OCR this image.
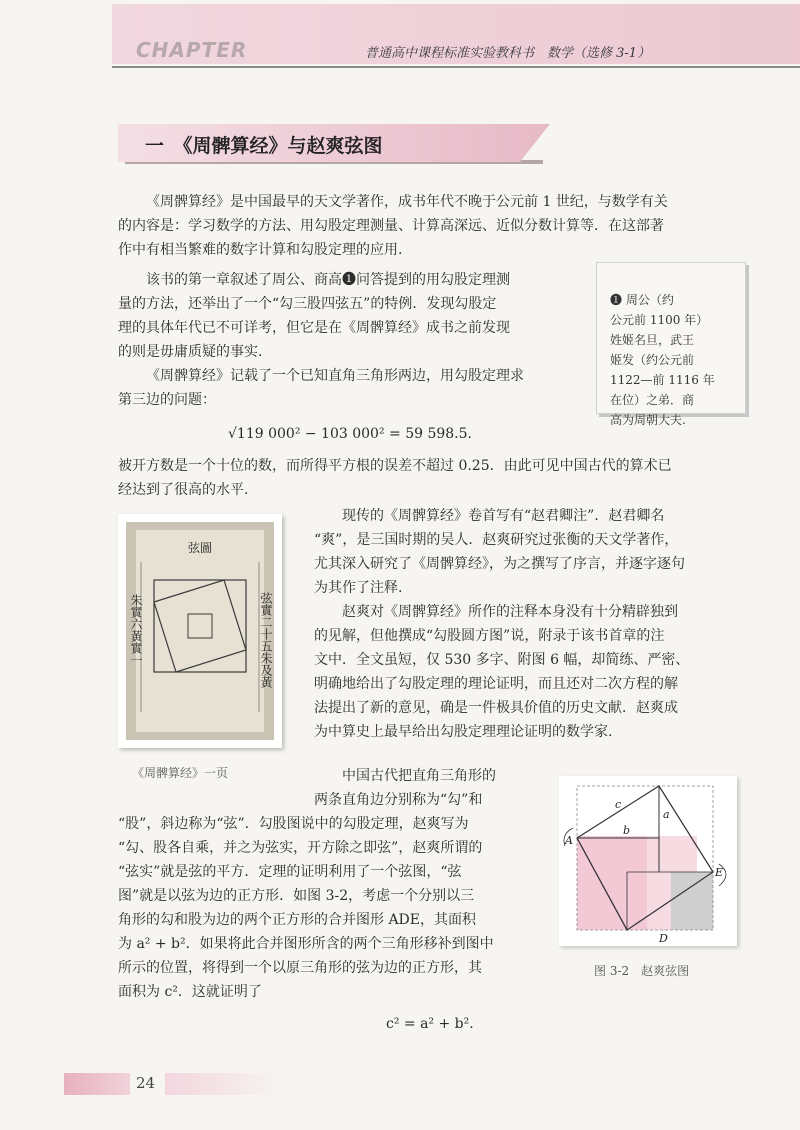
CHAPTER	普通高中课程标准实验教科书　数学（选修 3-1）
一　《周髀算经》与赵爽弦图
《周髀算经》是中国最早的天文学著作，成书年代不晚于公元前 1 世纪，与数学有关
的内容是：学习数学的方法、用勾股定理测量、计算高深远、近似分数计算等．在这部著
作中有相当繁难的数字计算和勾股定理的应用.
该书的第一章叙述了周公、商高❶问答提到的用勾股定理测
量的方法，还举出了一个“勾三股四弦五”的特例．发现勾股定
理的具体年代已不可详考，但它是在《周髀算经》成书之前发现
的则是毋庸质疑的事实.
《周髀算经》记载了一个已知直角三角形两边，用勾股定理求
第三边的问题：
❶ 周公（约
公元前 1100 年）
姓姬名旦，武王
姬发（约公元前
1122—前 1116 年
在位）之弟．商
高为周朝大夫.
√119 000² − 103 000² = 59 598.5.
被开方数是一个十位的数，而所得平方根的误差不超过 0.25．由此可见中国古代的算术已
经达到了很高的水平.
弦圖
朱實六黃實一	弦實二十五朱及黃
《周髀算经》一页
现传的《周髀算经》卷首写有“赵君卿注”．赵君卿名
“爽”，是三国时期的吴人．赵爽研究过张衡的天文学著作，
尤其深入研究了《周髀算经》，为之撰写了序言，并逐字逐句
为其作了注释.
赵爽对《周髀算经》所作的注释本身没有十分精辟独到
的见解，但他撰成“勾股圆方图”说，附录于该书首章的注
文中．全文虽短，仅 530 多字、附图 6 幅，却简练、严密、
明确地给出了勾股定理的理论证明，而且还对二次方程的解
法提出了新的意见，确是一件极具价值的历史文献．赵爽成
为中算史上最早给出勾股定理理论证明的数学家.
中国古代把直角三角形的
两条直角边分别称为“勾”和
“股”，斜边称为“弦”．勾股图说中的勾股定理，赵爽写为
“勾、股各自乘，并之为弦实，开方除之即弦”，赵爽所谓的
“弦实”就是弦的平方．定理的证明利用了一个弦图，“弦
图”就是以弦为边的正方形．如图 3-2，考虑一个分别以三
角形的勾和股为边的两个正方形的合并图形 ADE，其面积
为 a² + b²．如果将此合并图形所含的两个三角形移补到图中
所示的位置，将得到一个以原三角形的弦为边的正方形，其
面积为 c²．这就证明了
c² = a² + b².
c
a
b
A
E
D
图 3-2　赵爽弦图
24
